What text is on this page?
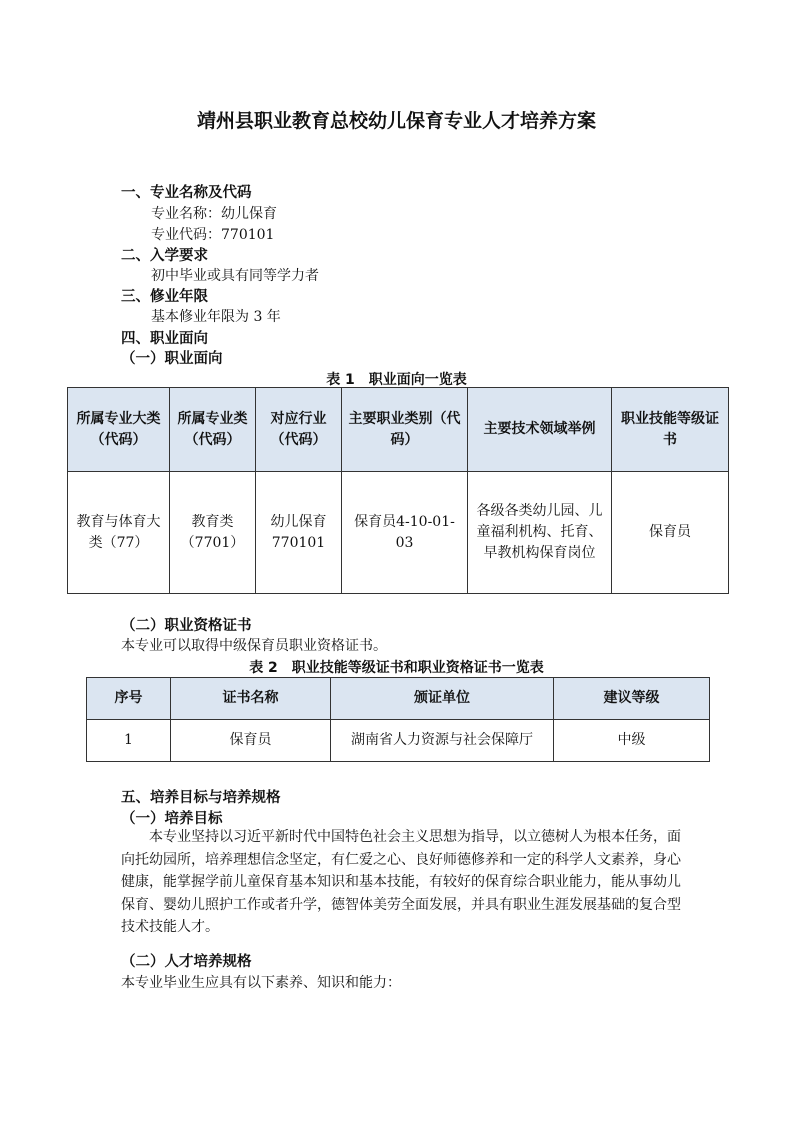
靖州县职业教育总校幼儿保育专业人才培养方案
一、专业名称及代码
专业名称：幼儿保育
专业代码：770101
二、入学要求
初中毕业或具有同等学力者
三、修业年限
基本修业年限为 3 年
四、职业面向
（一）职业面向
表 1　职业面向一览表
所属专业大类（代码）	所属专业类（代码）	对应行业（代码）	主要职业类别（代码）	主要技术领域举例	职业技能等级证书
教育与体育大类（77）	教育类（7701）	幼儿保育770101	保育员4-10-01-03	各级各类幼儿园、儿童福利机构、托育、早教机构保育岗位	保育员
（二）职业资格证书
本专业可以取得中级保育员职业资格证书。
表 2　职业技能等级证书和职业资格证书一览表
序号	证书名称	颁证单位	建议等级
1	保育员	湖南省人力资源与社会保障厅	中级
五、培养目标与培养规格
（一）培养目标
本专业坚持以习近平新时代中国特色社会主义思想为指导，以立德树人为根本任务，面向托幼园所，培养理想信念坚定，有仁爱之心、良好师德修养和一定的科学人文素养，身心健康，能掌握学前儿童保育基本知识和基本技能，有较好的保育综合职业能力，能从事幼儿保育、婴幼儿照护工作或者升学，德智体美劳全面发展，并具有职业生涯发展基础的复合型技术技能人才。
（二）人才培养规格
本专业毕业生应具有以下素养、知识和能力：
